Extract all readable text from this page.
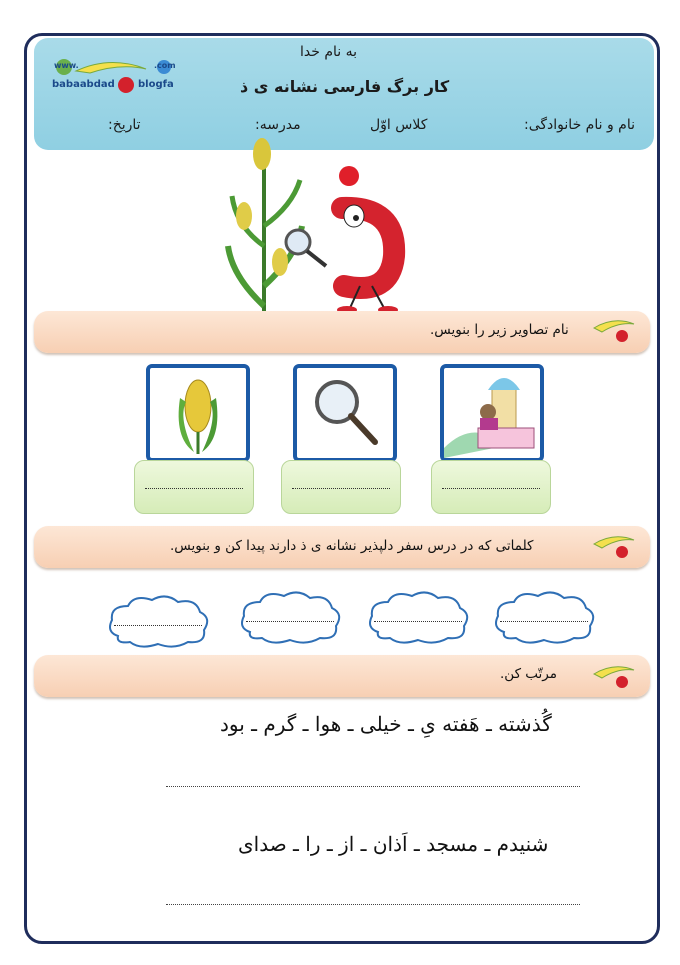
به نام خدا
کار برگ فارسی نشانه ی ذ
نام و نام خانوادگی:
کلاس اوّل
مدرسه:
تاریخ:
babaabdad blogfa
www.	.com
نام تصاویر زیر را بنویس.
کلماتی که در درس سفر دلپذیر نشانه ی ذ دارند پیدا کن و بنویس.
مرتّب کن.
گُذشته ـ هَفته یِ ـ خیلی ـ هوا ـ گرم ـ بود
شنیدم ـ مسجد ـ اَذان ـ از ـ را ـ صدای
